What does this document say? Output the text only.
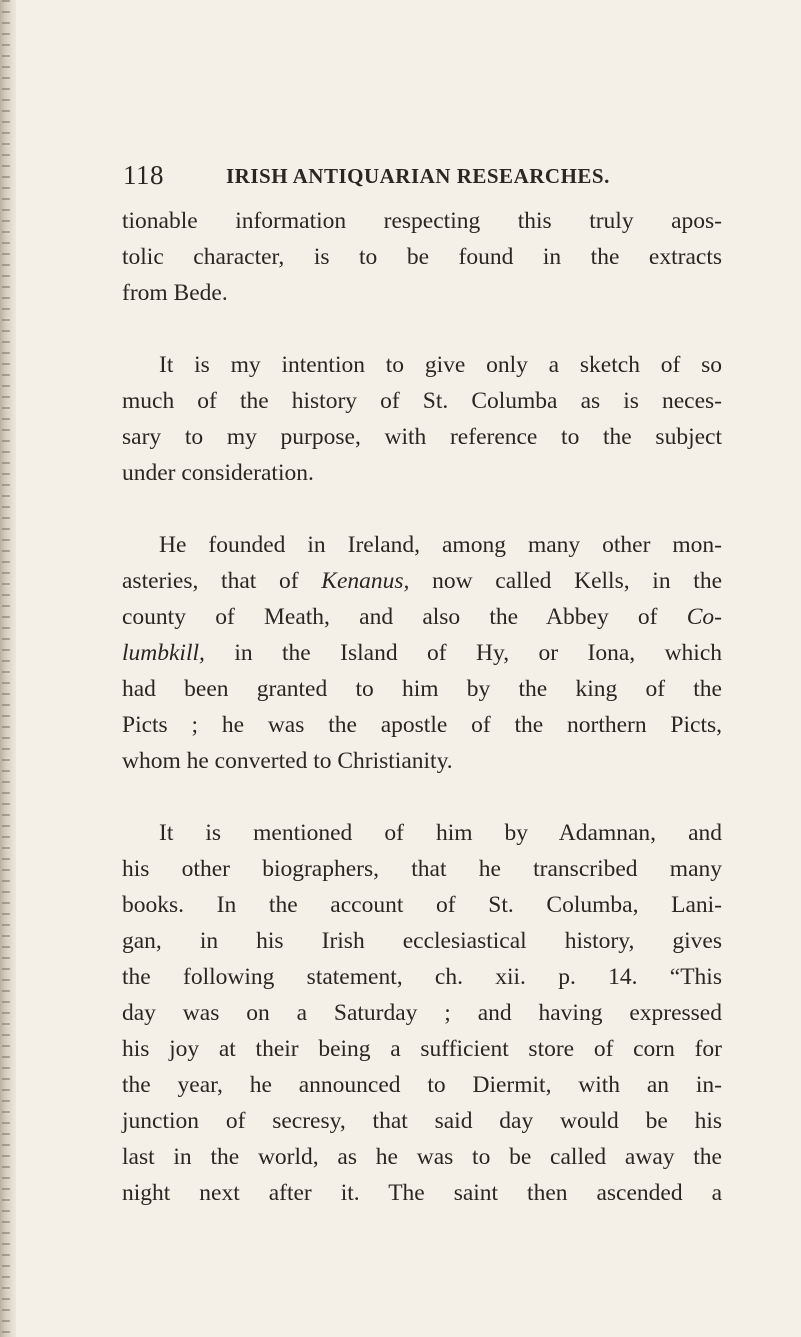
118	IRISH ANTIQUARIAN RESEARCHES.
tionable information respecting this truly apos-
tolic character, is to be found in the extracts
from Bede.
It is my intention to give only a sketch of so
much of the history of St. Columba as is neces-
sary to my purpose, with reference to the subject
under consideration.
He founded in Ireland, among many other mon-
asteries, that of Kenanus, now called Kells, in the
county of Meath, and also the Abbey of Co-
lumbkill, in the Island of Hy, or Iona, which
had been granted to him by the king of the
Picts ; he was the apostle of the northern Picts,
whom he converted to Christianity.
It is mentioned of him by Adamnan, and
his other biographers, that he transcribed many
books. In the account of St. Columba, Lani-
gan, in his Irish ecclesiastical history, gives
the following statement, ch. xii. p. 14. “This
day was on a Saturday ; and having expressed
his joy at their being a sufficient store of corn for
the year, he announced to Diermit, with an in-
junction of secresy, that said day would be his
last in the world, as he was to be called away the
night next after it. The saint then ascended a
